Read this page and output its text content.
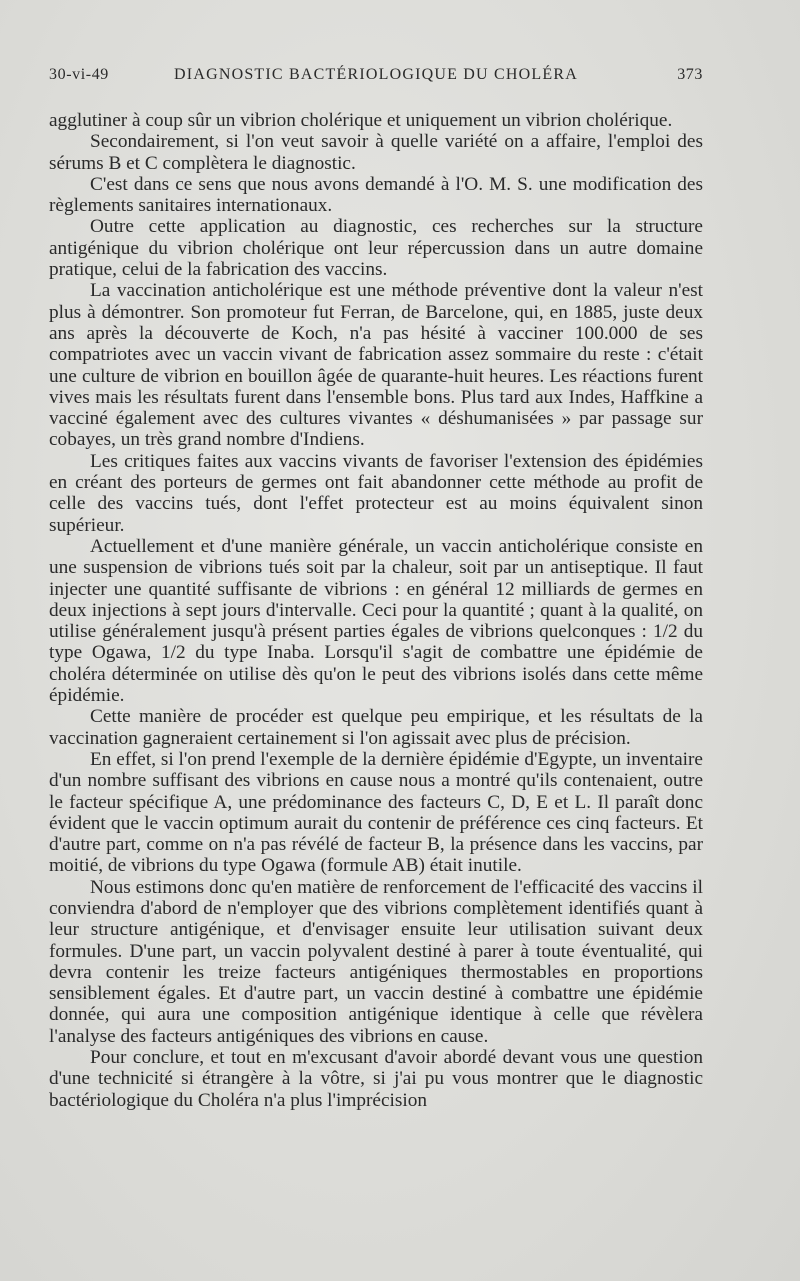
30-vi-49	DIAGNOSTIC BACTÉRIOLOGIQUE DU CHOLÉRA	373

agglutiner à coup sûr un vibrion cholérique et uniquement un vibrion cholérique.

Secondairement, si l'on veut savoir à quelle variété on a affaire, l'emploi des sérums B et C complètera le diagnostic.

C'est dans ce sens que nous avons demandé à l'O. M. S. une modification des règlements sanitaires internationaux.

Outre cette application au diagnostic, ces recherches sur la structure antigénique du vibrion cholérique ont leur répercussion dans un autre domaine pratique, celui de la fabrication des vaccins.

La vaccination anticholérique est une méthode préventive dont la valeur n'est plus à démontrer. Son promoteur fut Ferran, de Barcelone, qui, en 1885, juste deux ans après la découverte de Koch, n'a pas hésité à vacciner 100.000 de ses compatriotes avec un vaccin vivant de fabrication assez sommaire du reste : c'était une culture de vibrion en bouillon âgée de quarante-huit heures. Les réactions furent vives mais les résultats furent dans l'ensemble bons. Plus tard aux Indes, Haffkine a vacciné également avec des cultures vivantes « déshumanisées » par passage sur cobayes, un très grand nombre d'Indiens.

Les critiques faites aux vaccins vivants de favoriser l'extension des épidémies en créant des porteurs de germes ont fait abandonner cette méthode au profit de celle des vaccins tués, dont l'effet protecteur est au moins équivalent sinon supérieur.

Actuellement et d'une manière générale, un vaccin anticholérique consiste en une suspension de vibrions tués soit par la chaleur, soit par un antiseptique. Il faut injecter une quantité suffisante de vibrions : en général 12 milliards de germes en deux injections à sept jours d'intervalle. Ceci pour la quantité ; quant à la qualité, on utilise généralement jusqu'à présent parties égales de vibrions quelconques : 1/2 du type Ogawa, 1/2 du type Inaba. Lorsqu'il s'agit de combattre une épidémie de choléra déterminée on utilise dès qu'on le peut des vibrions isolés dans cette même épidémie.

Cette manière de procéder est quelque peu empirique, et les résultats de la vaccination gagneraient certainement si l'on agissait avec plus de précision.

En effet, si l'on prend l'exemple de la dernière épidémie d'Egypte, un inventaire d'un nombre suffisant des vibrions en cause nous a montré qu'ils contenaient, outre le facteur spécifique A, une prédominance des facteurs C, D, E et L. Il paraît donc évident que le vaccin optimum aurait du contenir de préférence ces cinq facteurs. Et d'autre part, comme on n'a pas révélé de facteur B, la présence dans les vaccins, par moitié, de vibrions du type Ogawa (formule AB) était inutile.

Nous estimons donc qu'en matière de renforcement de l'efficacité des vaccins il conviendra d'abord de n'employer que des vibrions complètement identifiés quant à leur structure antigénique, et d'envisager ensuite leur utilisation suivant deux formules. D'une part, un vaccin polyvalent destiné à parer à toute éventualité, qui devra contenir les treize facteurs antigéniques thermostables en proportions sensiblement égales. Et d'autre part, un vaccin destiné à combattre une épidémie donnée, qui aura une composition antigénique identique à celle que révèlera l'analyse des facteurs antigéniques des vibrions en cause.

Pour conclure, et tout en m'excusant d'avoir abordé devant vous une question d'une technicité si étrangère à la vôtre, si j'ai pu vous montrer que le diagnostic bactériologique du Choléra n'a plus l'imprécision
